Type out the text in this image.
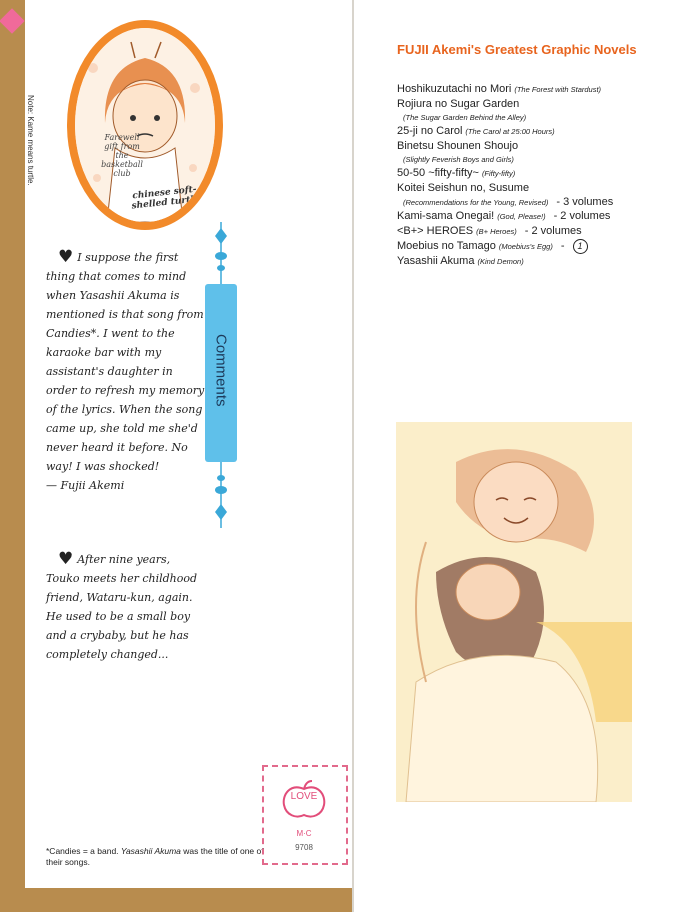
Note: Kame means turtle.	Farewell gift from the basketball club
chinese soft-shelled turtle
Comments
♥ I suppose the first thing that comes to mind when Yasashii Akuma is mentioned is that song from Candies*. I went to the karaoke bar with my assistant's daughter in order to refresh my memory of the lyrics. When the song came up, she told me she'd never heard it before. No way! I was shocked!
— Fujii Akemi
♥ After nine years, Touko meets her childhood friend, Wataru-kun, again. He used to be a small boy and a crybaby, but he has completely changed...
*Candies = a band. Yasashii Akuma was the title of one of their songs.
LOVE
M·C
9708
FUJII Akemi's Greatest Graphic Novels
Hoshikuzutachi no Mori (The Forest with Stardust)
Rojiura no Sugar Garden
(The Sugar Garden Behind the Alley)
25-ji no Carol (The Carol at 25:00 Hours)
Binetsu Shounen Shoujo
(Slightly Feverish Boys and Girls)
50-50 ~fifty-fifty~ (Fifty-fifty)
Koitei Seishun no, Susume
(Recommendations for the Young, Revised) - 3 volumes
Kami-sama Onegai! (God, Please!) - 2 volumes
<B+> HEROES (B+ Heroes) - 2 volumes
Moebius no Tamago (Moebius's Egg) - 1
Yasashii Akuma (Kind Demon)
